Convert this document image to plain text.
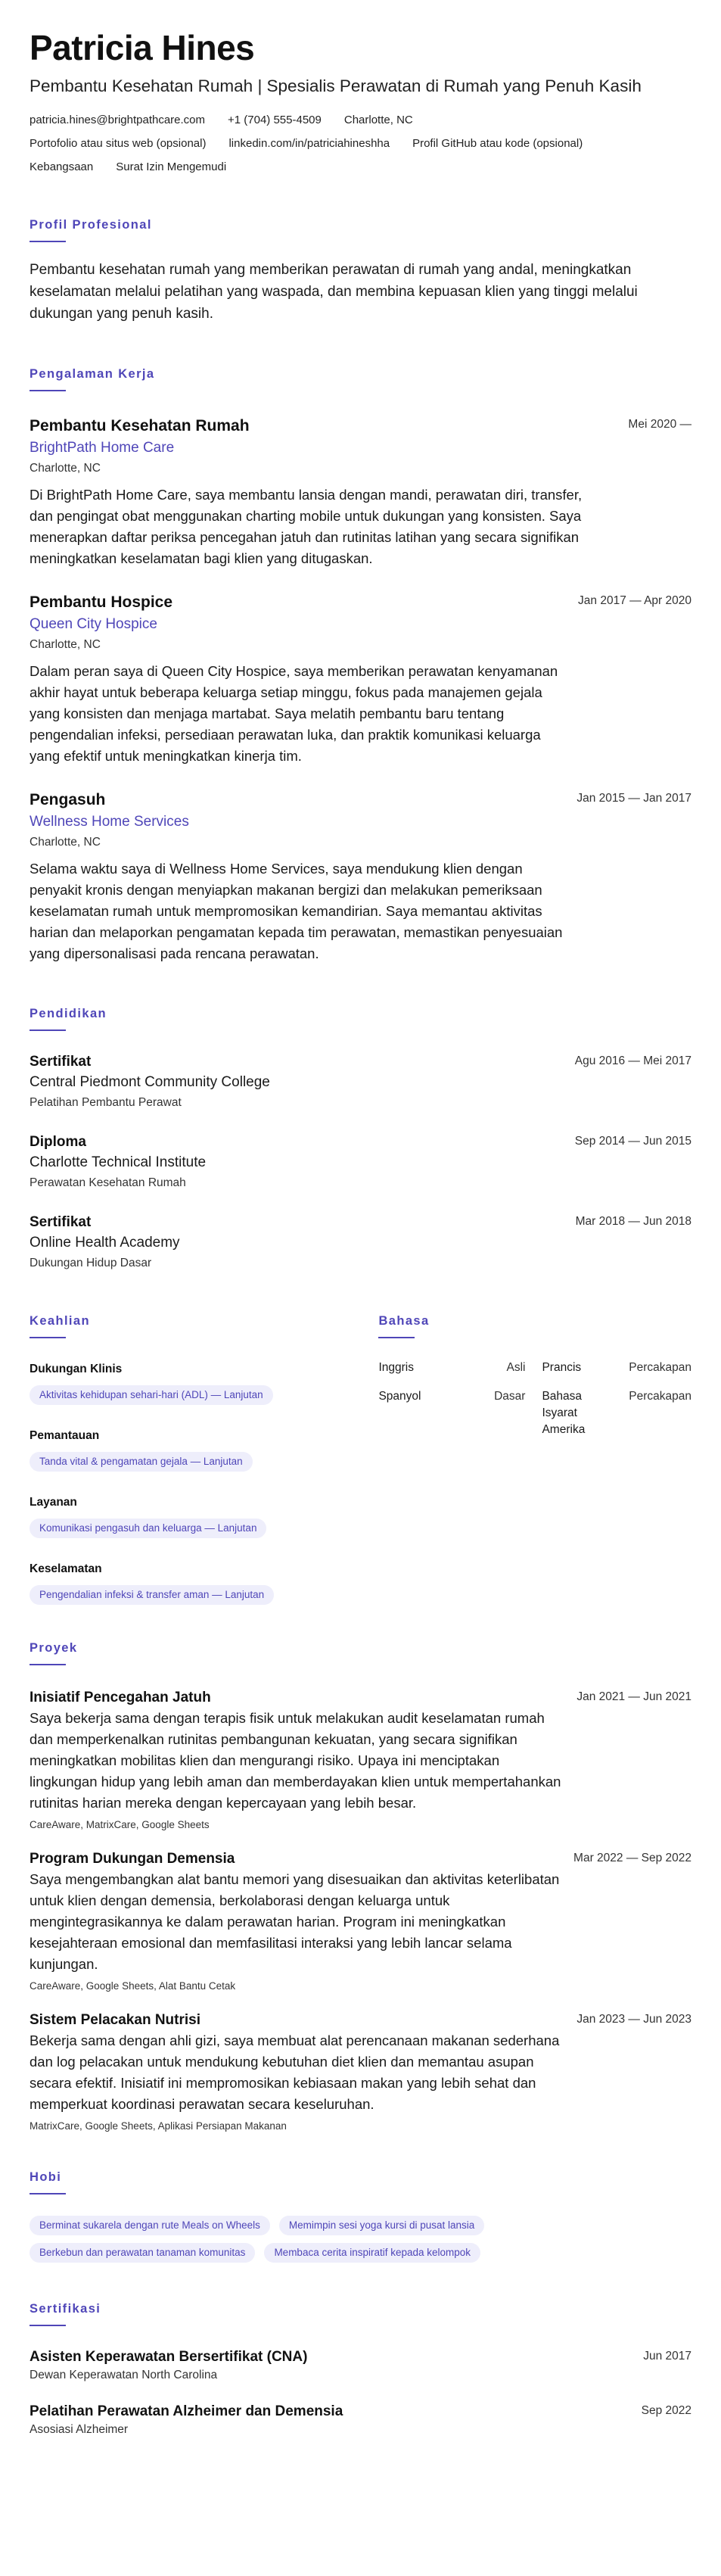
Patricia Hines
Pembantu Kesehatan Rumah | Spesialis Perawatan di Rumah yang Penuh Kasih
patricia.hines@brightpathcare.com +1 (704) 555-4509 Charlotte, NC
Portofolio atau situs web (opsional) linkedin.com/in/patriciahineshha Profil GitHub atau kode (opsional)
Kebangsaan Surat Izin Mengemudi
Profil Profesional

Pembantu kesehatan rumah yang memberikan perawatan di rumah yang andal, meningkatkan keselamatan melalui pelatihan yang waspada, dan membina kepuasan klien yang tinggi melalui dukungan yang penuh kasih.

Pengalaman Kerja
Mei 2020 —
Pembantu Kesehatan Rumah
BrightPath Home Care
Charlotte, NC
Di BrightPath Home Care, saya membantu lansia dengan mandi, perawatan diri, transfer, dan pengingat obat menggunakan charting mobile untuk dukungan yang konsisten. Saya menerapkan daftar periksa pencegahan jatuh dan rutinitas latihan yang secara signifikan meningkatkan keselamatan bagi klien yang ditugaskan.
Jan 2017 — Apr 2020
Pembantu Hospice
Queen City Hospice
Charlotte, NC
Dalam peran saya di Queen City Hospice, saya memberikan perawatan kenyamanan akhir hayat untuk beberapa keluarga setiap minggu, fokus pada manajemen gejala yang konsisten dan menjaga martabat. Saya melatih pembantu baru tentang pengendalian infeksi, persediaan perawatan luka, dan praktik komunikasi keluarga yang efektif untuk meningkatkan kinerja tim.
Jan 2015 — Jan 2017
Pengasuh
Wellness Home Services
Charlotte, NC
Selama waktu saya di Wellness Home Services, saya mendukung klien dengan penyakit kronis dengan menyiapkan makanan bergizi dan melakukan pemeriksaan keselamatan rumah untuk mempromosikan kemandirian. Saya memantau aktivitas harian dan melaporkan pengamatan kepada tim perawatan, memastikan penyesuaian yang dipersonalisasi pada rencana perawatan.
Pendidikan
Agu 2016 — Mei 2017
Sertifikat
Central Piedmont Community College
Pelatihan Pembantu Perawat
Sep 2014 — Jun 2015
Diploma
Charlotte Technical Institute
Perawatan Kesehatan Rumah
Mar 2018 — Jun 2018
Sertifikat
Online Health Academy
Dukungan Hidup Dasar
Keahlian
Dukungan Klinis
Aktivitas kehidupan sehari-hari (ADL) — Lanjutan
Pemantauan
Tanda vital & pengamatan gejala — Lanjutan
Layanan
Komunikasi pengasuh dan keluarga — Lanjutan
Keselamatan
Pengendalian infeksi & transfer aman — Lanjutan
Bahasa
Inggris	Asli	Prancis	Percakapan
Spanyol	Dasar	Bahasa Isyarat Amerika	Percakapan
Proyek
Jan 2021 — Jun 2021
Inisiatif Pencegahan Jatuh
Saya bekerja sama dengan terapis fisik untuk melakukan audit keselamatan rumah dan memperkenalkan rutinitas pembangunan kekuatan, yang secara signifikan meningkatkan mobilitas klien dan mengurangi risiko. Upaya ini menciptakan lingkungan hidup yang lebih aman dan memberdayakan klien untuk mempertahankan rutinitas harian mereka dengan kepercayaan yang lebih besar.
CareAware, MatrixCare, Google Sheets
Mar 2022 — Sep 2022
Program Dukungan Demensia
Saya mengembangkan alat bantu memori yang disesuaikan dan aktivitas keterlibatan untuk klien dengan demensia, berkolaborasi dengan keluarga untuk mengintegrasikannya ke dalam perawatan harian. Program ini meningkatkan kesejahteraan emosional dan memfasilitasi interaksi yang lebih lancar selama kunjungan.
CareAware, Google Sheets, Alat Bantu Cetak
Jan 2023 — Jun 2023
Sistem Pelacakan Nutrisi
Bekerja sama dengan ahli gizi, saya membuat alat perencanaan makanan sederhana dan log pelacakan untuk mendukung kebutuhan diet klien dan memantau asupan secara efektif. Inisiatif ini mempromosikan kebiasaan makan yang lebih sehat dan memperkuat koordinasi perawatan secara keseluruhan.
MatrixCare, Google Sheets, Aplikasi Persiapan Makanan
Hobi
Berminat sukarela dengan rute Meals on Wheels	Memimpin sesi yoga kursi di pusat lansia
Berkebun dan perawatan tanaman komunitas	Membaca cerita inspiratif kepada kelompok
Sertifikasi
Jun 2017
Asisten Keperawatan Bersertifikat (CNA)
Dewan Keperawatan North Carolina
Sep 2022
Pelatihan Perawatan Alzheimer dan Demensia
Asosiasi Alzheimer
